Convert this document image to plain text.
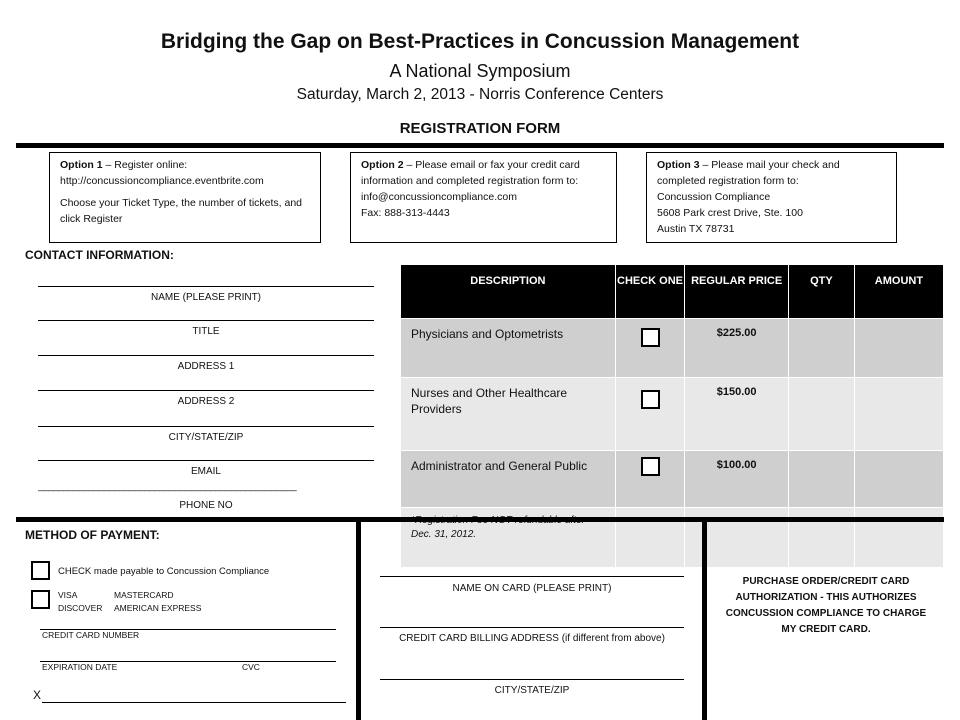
Bridging the Gap on Best-Practices in Concussion Management
A National Symposium
Saturday, March 2, 2013 - Norris Conference Centers
REGISTRATION FORM
Option 1 – Register online:
http://concussioncompliance.eventbrite.com

Choose your Ticket Type, the number of tickets, and click Register
Option 2 – Please email or fax your credit card information and completed registration form to:
info@concussioncompliance.com
Fax: 888-313-4443
Option 3 – Please mail your check and completed registration form to:
Concussion Compliance
5608 Park crest Drive, Ste. 100
Austin TX 78731
CONTACT INFORMATION:
NAME (PLEASE PRINT)
TITLE
ADDRESS 1
ADDRESS 2
CITY/STATE/ZIP
EMAIL
___________________________________________________
PHONE NO
DESCRIPTION	CHECK ONE	REGULAR PRICE	QTY	AMOUNT
Physicians and Optometrists		$225.00		
Nurses and Other Healthcare Providers		$150.00		
Administrator and General Public		$100.00		
Dec. 31, 2012.				
METHOD OF PAYMENT:
CHECK made payable to Concussion Compliance
VISA	MASTERCARD
DISCOVER AMERICAN EXPRESS
CREDIT CARD NUMBER
EXPIRATION DATE	CVC
X
NAME ON CARD (PLEASE PRINT)
CREDIT CARD BILLING ADDRESS (if different from above)
CITY/STATE/ZIP
PURCHASE ORDER/CREDIT CARD AUTHORIZATION - THIS AUTHORIZES CONCUSSION COMPLIANCE TO CHARGE MY CREDIT CARD.
